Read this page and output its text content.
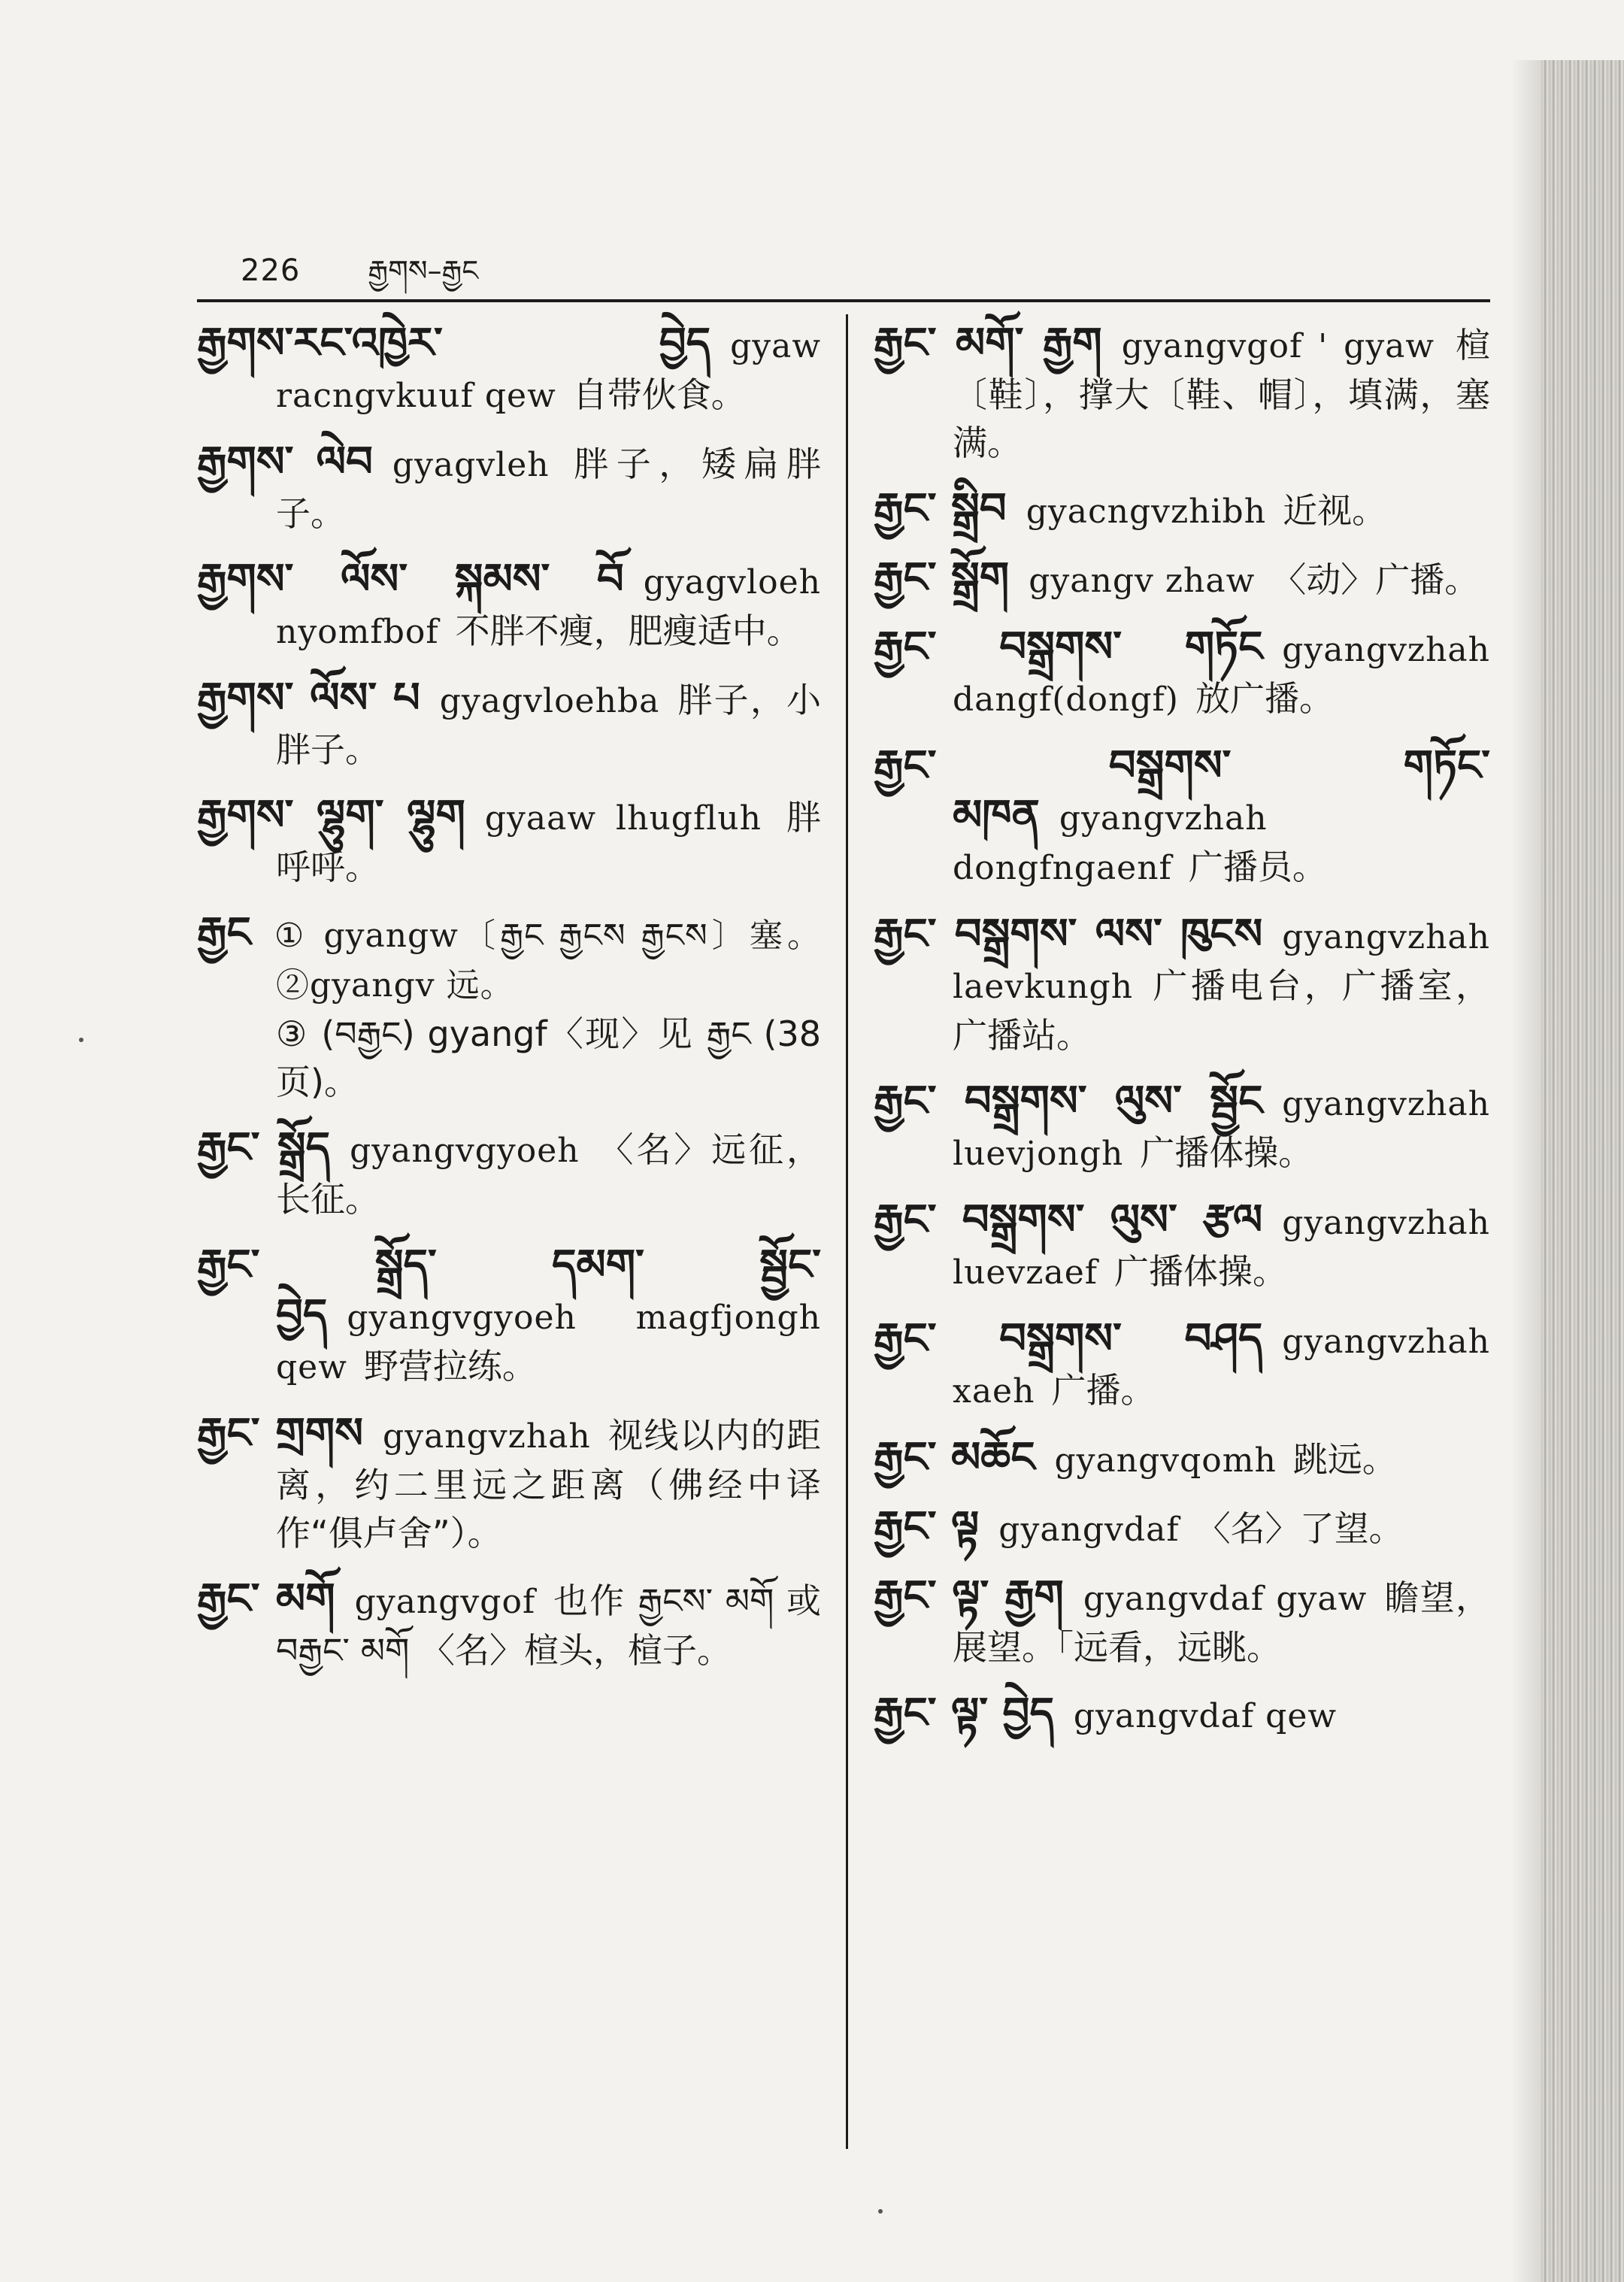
226 རྒྱགས–རྒྱང
རྒྱགས་རང་འཁྱེར་ བྱེད gyaw racngvkuuf qew 自带伙食。
རྒྱགས་ ལེབ gyagvleh 胖子，矮扁胖子。
རྒྱགས་ ལོས་ སྐམས་ བོ gyagvloeh nyomfbof 不胖不瘦，肥瘦适中。
རྒྱགས་ ལོས་ པ gyagvloehba 胖子，小胖子。
རྒྱགས་ ལྷུག་ ལྷུག gyaaw lhugfluh 胖呼呼。
རྒྱང ① gyangw〔རྒྱང རྒྱངས རྒྱངས〕塞。 ②gyangv 远。
③ (བརྒྱང) gyangf〈现〉见 རྒྱང (38页)。
རྒྱང་ སྒྲོད gyangvgyoeh 〈名〉远征，长征。
རྒྱང་ སྒྲོད་ དམག་ སྦྱོང་ བྱེད gyangvgyoeh magfjongh qew 野营拉练。
རྒྱང་ གྲགས gyangvzhah 视线以内的距离，约二里远之距离（佛经中译作“俱卢舍”）。
རྒྱང་ མགོ gyangvgof 也作 རྒྱངས་ མགོ 或 བརྒྱང་ མགོ 〈名〉楦头，楦子。
རྒྱང་ མགོ་ རྒྱག gyangvgof ' gyaw 楦〔鞋〕，撑大〔鞋、帽〕，填满，塞满。
རྒྱང་ སྒྲིབ gyacngvzhibh 近视。
རྒྱང་ སྒྲོག gyangv zhaw 〈动〉广播。
རྒྱང་ བསྒྲགས་ གཏོང gyangvzhah dangf(dongf) 放广播。
རྒྱང་ བསྒྲགས་ གཏོང་ མཁན gyangvzhah dongfngaenf 广播员。
རྒྱང་ བསྒྲགས་ ལས་ ཁུངས gyangvzhah laevkungh 广播电台，广播室，广播站。
རྒྱང་ བསྒྲགས་ ལུས་ སྦྱོང gyangvzhah luevjongh 广播体操。
རྒྱང་ བསྒྲགས་ ལུས་ རྩལ gyangvzhah luevzaef 广播体操。
རྒྱང་ བསྒྲགས་ བཤད gyangvzhah xaeh 广播。
རྒྱང་ མཆོང gyangvqomh 跳远。
རྒྱང་ ལྟ gyangvdaf 〈名〉了望。
རྒྱང་ ལྟ་ རྒྱག gyangvdaf gyaw 瞻望，展望。「远看，远眺。
རྒྱང་ ལྟ་ བྱེད gyangvdaf qew
